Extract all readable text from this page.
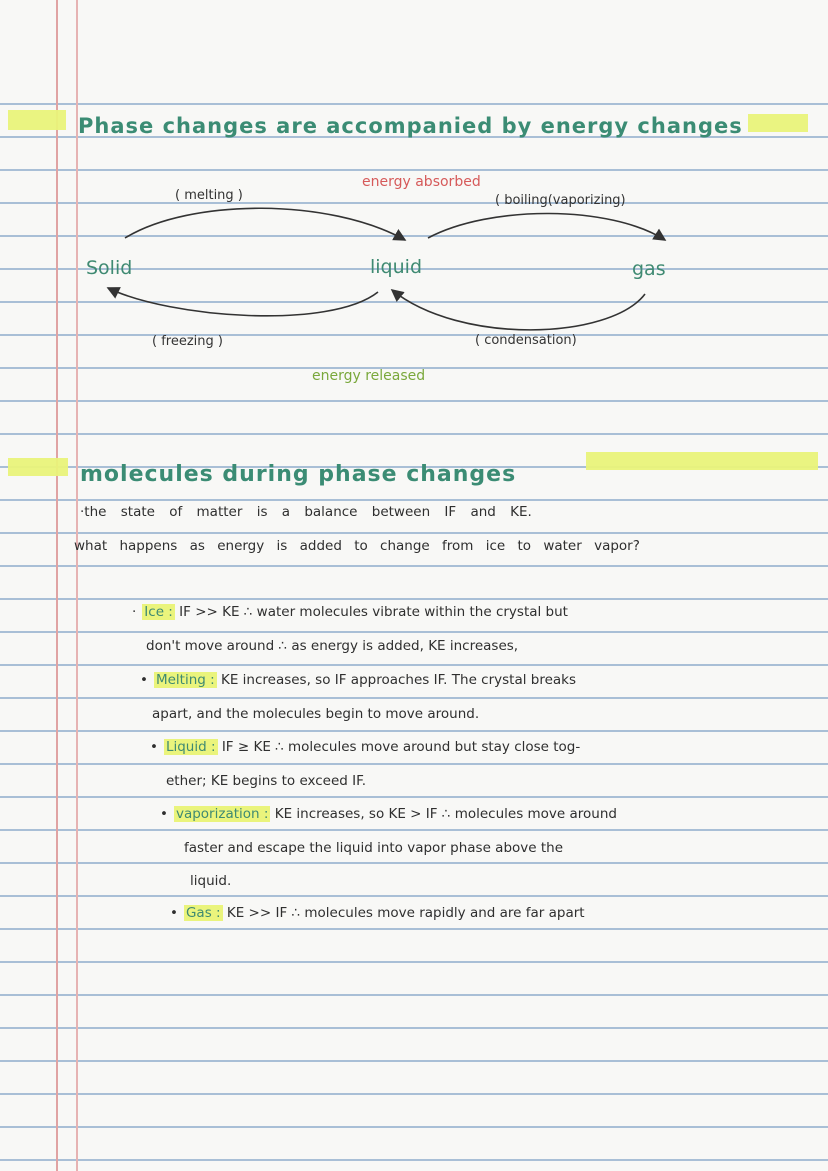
Phase changes are accompanied by energy changes
energy absorbed
( melting )	( boiling(vaporizing)
Solid	liquid	gas
( freezing )	( condensation)
energy released
molecules during phase changes
·the state of matter is a balance between IF and KE.
what happens as energy is added to change from ice to water vapor?
· Ice : IF >> KE ∴ water molecules vibrate within the crystal but
don't move around ∴ as energy is added, KE increases,
• Melting : KE increases, so IF approaches IF. The crystal breaks
apart, and the molecules begin to move around.
• Liquid : IF ≥ KE ∴ molecules move around but stay close tog-
ether; KE begins to exceed IF.
• vaporization : KE increases, so KE > IF ∴ molecules move around
faster and escape the liquid into vapor phase above the
liquid.
• Gas : KE >> IF ∴ molecules move rapidly and are far apart
